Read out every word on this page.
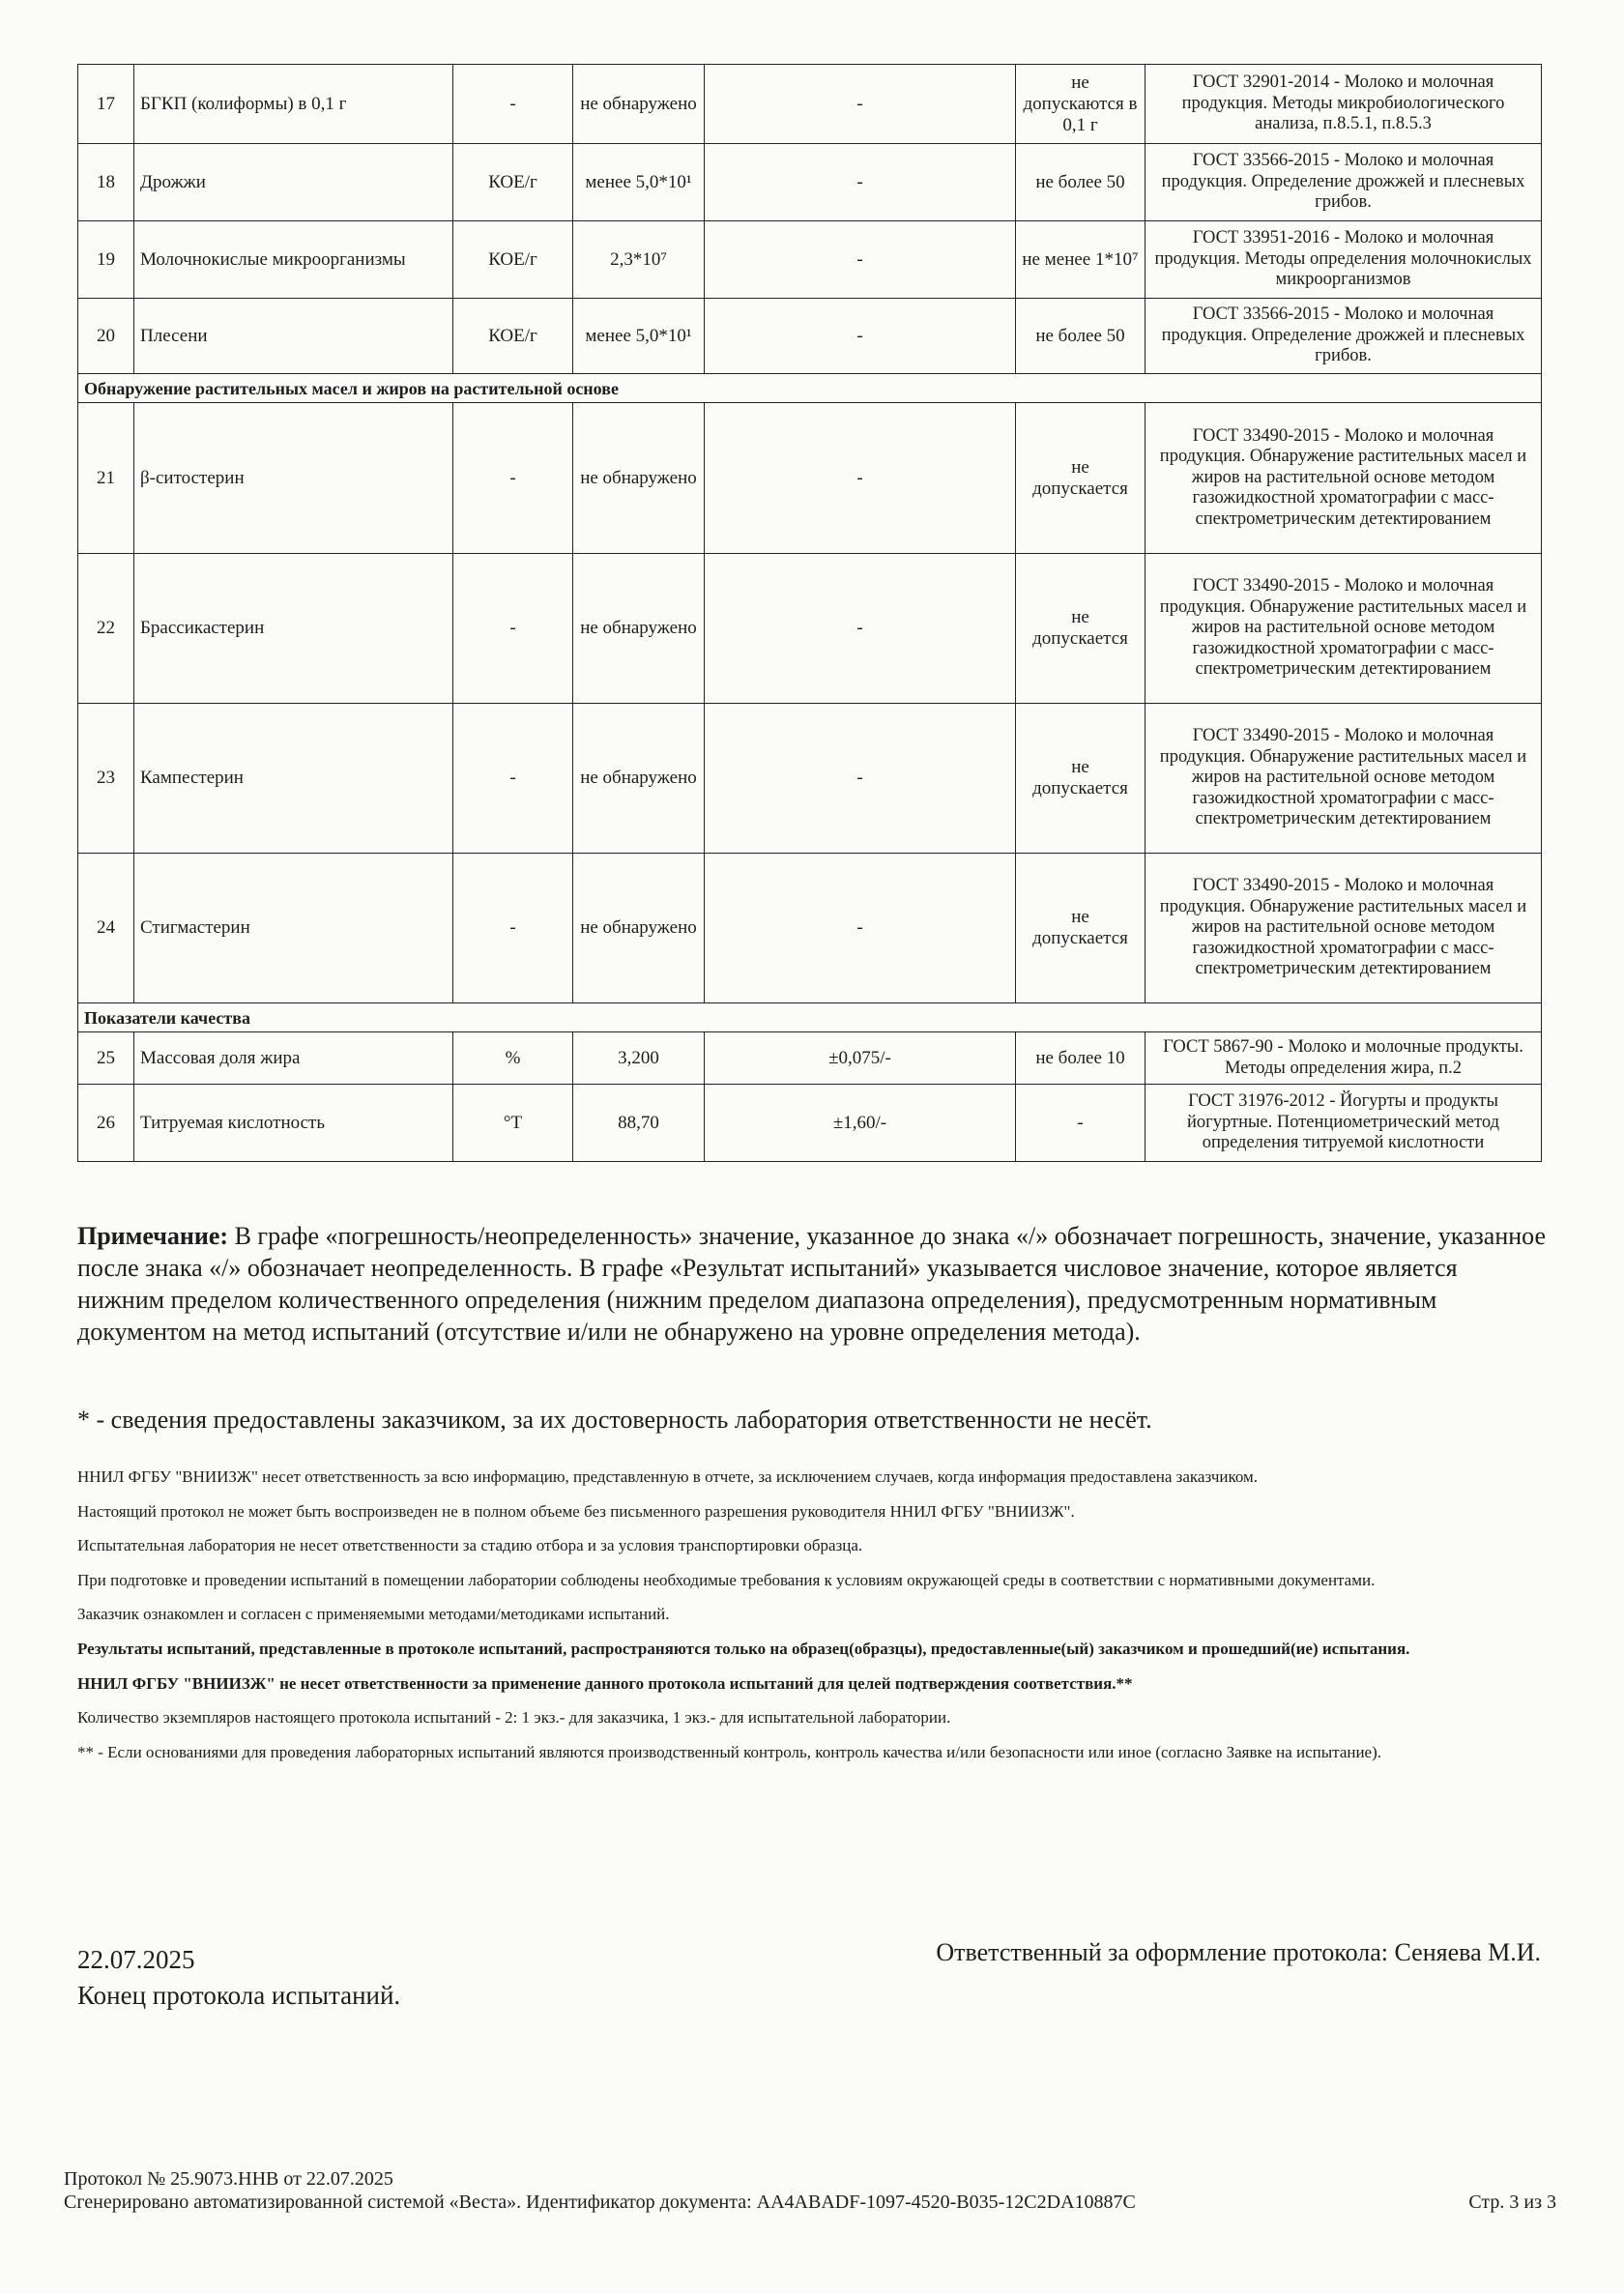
17	БГКП (колиформы) в 0,1 г	-	не обнаружено	-	не допускаются в 0,1 г	ГОСТ 32901-2014 - Молоко и молочная продукция. Методы микробиологического анализа, п.8.5.1, п.8.5.3
18	Дрожжи	КОЕ/г	менее 5,0*10¹	-	не более 50	ГОСТ 33566-2015 - Молоко и молочная продукция. Определение дрожжей и плесневых грибов.
19	Молочнокислые микроорганизмы	КОЕ/г	2,3*10⁷	-	не менее 1*10⁷	ГОСТ 33951-2016 - Молоко и молочная продукция. Методы определения молочнокислых микроорганизмов
20	Плесени	КОЕ/г	менее 5,0*10¹	-	не более 50	ГОСТ 33566-2015 - Молоко и молочная продукция. Определение дрожжей и плесневых грибов.
Обнаружение растительных масел и жиров на растительной основе						
21	β-ситостерин	-	не обнаружено	-	не допускается	ГОСТ 33490-2015 - Молоко и молочная продукция. Обнаружение растительных масел и жиров на растительной основе методом газожидкостной хроматографии с масс-спектрометрическим детектированием
22	Брассикастерин	-	не обнаружено	-	не допускается	ГОСТ 33490-2015 - Молоко и молочная продукция. Обнаружение растительных масел и жиров на растительной основе методом газожидкостной хроматографии с масс-спектрометрическим детектированием
23	Кампестерин	-	не обнаружено	-	не допускается	ГОСТ 33490-2015 - Молоко и молочная продукция. Обнаружение растительных масел и жиров на растительной основе методом газожидкостной хроматографии с масс-спектрометрическим детектированием
24	Стигмастерин	-	не обнаружено	-	не допускается	ГОСТ 33490-2015 - Молоко и молочная продукция. Обнаружение растительных масел и жиров на растительной основе методом газожидкостной хроматографии с масс-спектрометрическим детектированием
Показатели качества						
25	Массовая доля жира	%	3,200	±0,075/-	не более 10	ГОСТ 5867-90 - Молоко и молочные продукты. Методы определения жира, п.2
26	Титруемая кислотность	°T	88,70	±1,60/-	-	ГОСТ 31976-2012 - Йогурты и продукты йогуртные. Потенциометрический метод определения титруемой кислотности
Примечание: В графе «погрешность/неопределенность» значение, указанное до знака «/» обозначает погрешность, значение, указанное после знака «/» обозначает неопределенность. В графе «Результат испытаний» указывается числовое значение, которое является нижним пределом количественного определения (нижним пределом диапазона определения), предусмотренным нормативным документом на метод испытаний (отсутствие и/или не обнаружено на уровне определения метода).
* - сведения предоставлены заказчиком, за их достоверность лаборатория ответственности не несёт.

ННИЛ ФГБУ "ВНИИЗЖ" несет ответственность за всю информацию, представленную в отчете, за исключением случаев, когда информация предоставлена заказчиком.

Настоящий протокол не может быть воспроизведен не в полном объеме без письменного разрешения руководителя ННИЛ ФГБУ "ВНИИЗЖ".

Испытательная лаборатория не несет ответственности за стадию отбора и за условия транспортировки образца.

При подготовке и проведении испытаний в помещении лаборатории соблюдены необходимые требования к условиям окружающей среды в соответствии с нормативными документами.

Заказчик ознакомлен и согласен с применяемыми методами/методиками испытаний.

Результаты испытаний, представленные в протоколе испытаний, распространяются только на образец(образцы), предоставленные(ый) заказчиком и прошедший(ие) испытания.

ННИЛ ФГБУ "ВНИИЗЖ" не несет ответственности за применение данного протокола испытаний для целей подтверждения соответствия.**

Количество экземпляров настоящего протокола испытаний - 2: 1 экз.- для заказчика, 1 экз.- для испытательной лаборатории.

** - Если основаниями для проведения лабораторных испытаний являются производственный контроль, контроль качества и/или безопасности или иное (согласно Заявке на испытание).

22.07.2025
Конец протокола испытаний.
Ответственный за оформление протокола: Сеняева М.И.
Протокол № 25.9073.ННВ от 22.07.2025
Сгенерировано автоматизированной системой «Веста». Идентификатор документа: AA4ABADF-1097-4520-B035-12C2DA10887C	Стр. 3 из 3
